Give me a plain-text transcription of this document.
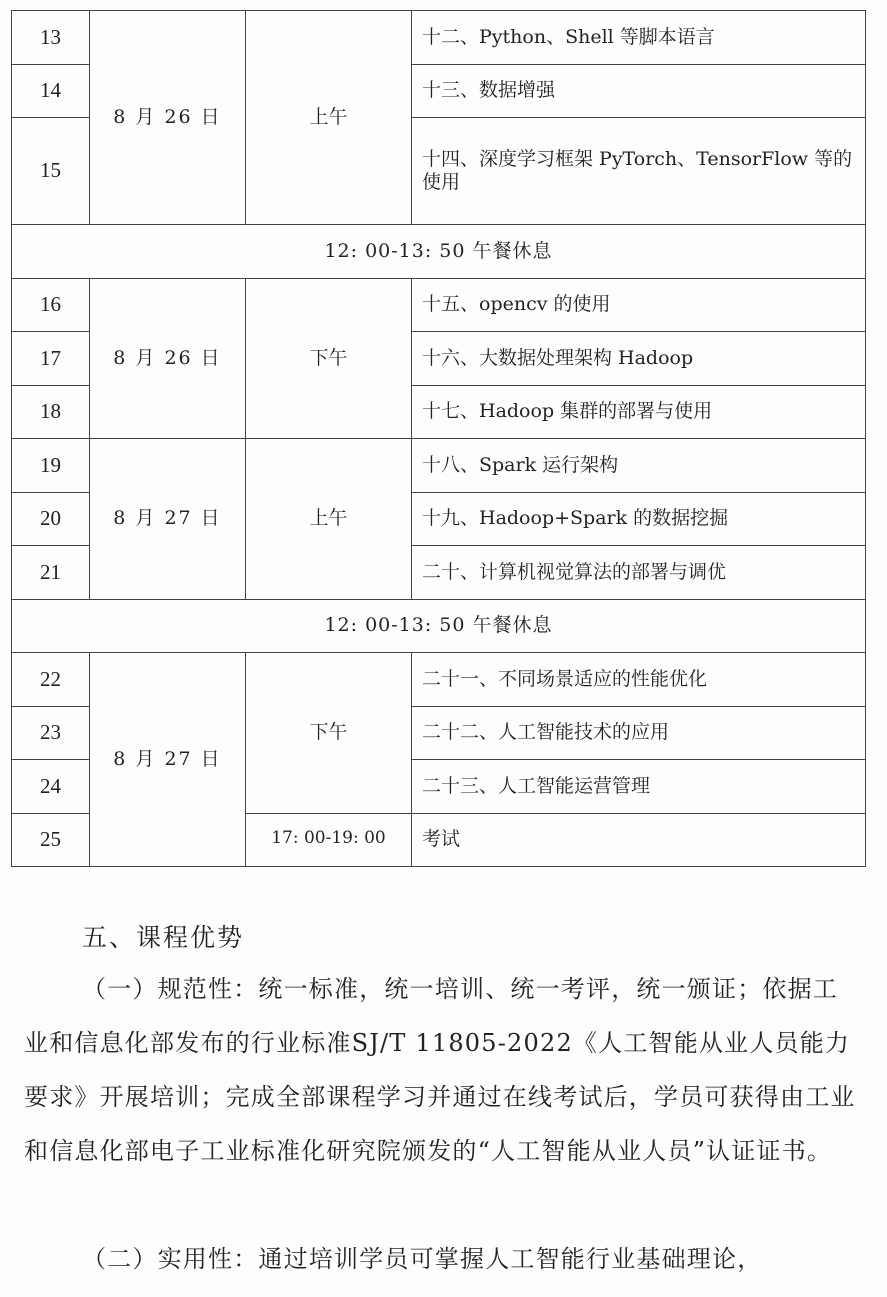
13	8 月 26 日	上午	十二、Python、Shell 等脚本语言
14			十三、数据增强
15			十四、深度学习框架 PyTorch、TensorFlow 等的使用
12: 00-13: 50 午餐休息			
16	8 月 26 日	下午	十五、opencv 的使用
17			十六、大数据处理架构 Hadoop
18			十七、Hadoop 集群的部署与使用
19	8 月 27 日	上午	十八、Spark 运行架构
20			十九、Hadoop+Spark 的数据挖掘
21			二十、计算机视觉算法的部署与调优
12: 00-13: 50 午餐休息			
22	8 月 27 日	下午	二十一、不同场景适应的性能优化
23			二十二、人工智能技术的应用
24			二十三、人工智能运营管理
25		17: 00-19: 00	考试
五、课程优势

（一）规范性：统一标准，统一培训、统一考评，统一颁证；依据工业和信息化部发布的行业标准SJ/T 11805-2022《人工智能从业人员能力要求》开展培训；完成全部课程学习并通过在线考试后，学员可获得由工业和信息化部电子工业标准化研究院颁发的“人工智能从业人员”认证证书。

（二）实用性：通过培训学员可掌握人工智能行业基础理论，
